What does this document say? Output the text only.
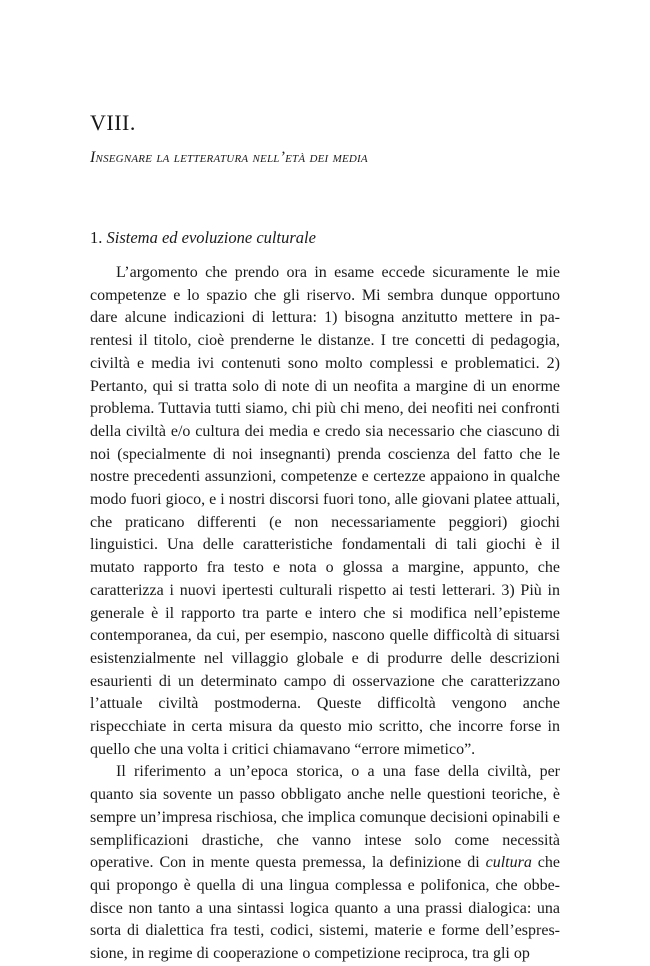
VIII.
Insegnare la letteratura nell’età dei media
1. Sistema ed evoluzione culturale

L’argomento che prendo ora in esame eccede sicuramente le mie competenze e lo spazio che gli riservo. Mi sembra dunque opportuno dare alcune indicazioni di lettura: 1) bisogna anzitutto mettere in parentesi il titolo, cioè prenderne le distanze. I tre concetti di pedagogia, civiltà e media ivi contenuti sono molto complessi e problematici. 2) Pertanto, qui si tratta solo di note di un neofita a margine di un enorme problema. Tuttavia tutti siamo, chi più chi meno, dei neofiti nei confronti della civiltà e/o cultura dei media e credo sia necessario che ciascuno di noi (specialmente di noi insegnanti) prenda coscienza del fatto che le nostre precedenti assunzioni, competenze e certezze appaiono in qualche modo fuori gioco, e i nostri discorsi fuori tono, alle giovani platee attuali, che praticano differenti (e non necessariamente peggiori) giochi linguistici. Una delle caratteristiche fondamentali di tali giochi è il mutato rapporto fra testo e nota o glossa a margine, appunto, che caratterizza i nuovi ipertesti culturali rispetto ai testi letterari. 3) Più in generale è il rapporto tra parte e intero che si modifica nell’episteme contemporanea, da cui, per esempio, nascono quelle difficoltà di situarsi esistenzialmente nel villaggio globale e di produrre delle descrizioni esaurienti di un determinato campo di osservazione che caratterizzano l’attuale civiltà postmoderna. Queste difficoltà vengono anche rispecchiate in certa misura da questo mio scritto, che incorre forse in quello che una volta i critici chiamavano “errore mimetico”.

Il riferimento a un’epoca storica, o a una fase della civiltà, per quanto sia sovente un passo obbligato anche nelle questioni teoriche, è sempre un’impresa rischiosa, che implica comunque decisioni opinabili e semplificazioni drastiche, che vanno intese solo come necessità operative. Con in mente questa premessa, la definizione di cultura che qui propongo è quella di una lingua complessa e polifonica, che obbedisce non tanto a una sintassi logica quanto a una prassi dialogica: una sorta di dialettica fra testi, codici, sistemi, materie e forme dell’espressione, in regime di cooperazione o competizione reciproca, tra gli op
